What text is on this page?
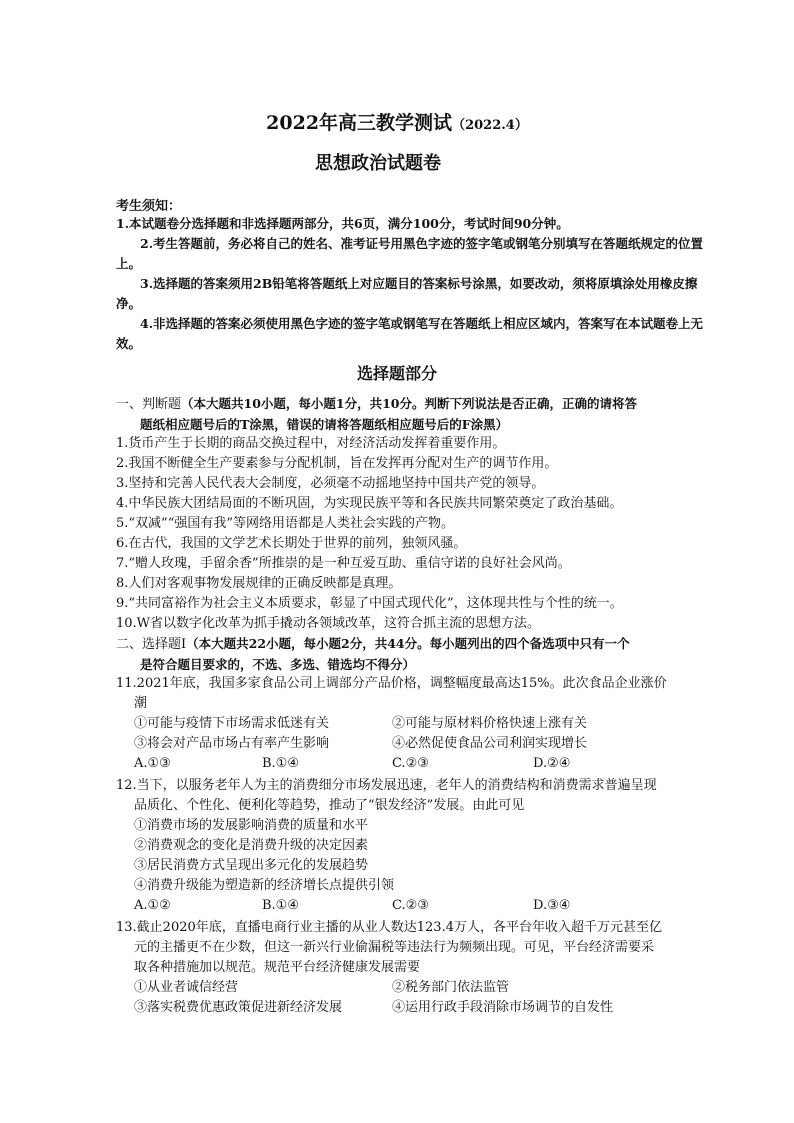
2022年高三教学测试（2022.4）
思想政治试题卷
考生须知：
1.本试题卷分选择题和非选择题两部分，共6页，满分100分，考试时间90分钟。
2.考生答题前，务必将自己的姓名、准考证号用黑色字迹的签字笔或钢笔分别填写在答题纸规定的位置上。
3.选择题的答案须用2B铅笔将答题纸上对应题目的答案标号涂黑，如要改动，须将原填涂处用橡皮擦净。
4.非选择题的答案必须使用黑色字迹的签字笔或钢笔写在答题纸上相应区域内，答案写在本试题卷上无效。
选择题部分
一、判断题（本大题共10小题，每小题1分，共10分。判断下列说法是否正确，正确的请将答
题纸相应题号后的T涂黑，错误的请将答题纸相应题号后的F涂黑）
1.货币产生于长期的商品交换过程中，对经济活动发挥着重要作用。
2.我国不断健全生产要素参与分配机制，旨在发挥再分配对生产的调节作用。
3.坚持和完善人民代表大会制度，必须毫不动摇地坚持中国共产党的领导。
4.中华民族大团结局面的不断巩固，为实现民族平等和各民族共同繁荣奠定了政治基础。
5.“双减”“强国有我”等网络用语都是人类社会实践的产物。
6.在古代，我国的文学艺术长期处于世界的前列，独领风骚。
7.“赠人玫瑰，手留余香”所推崇的是一种互爱互助、重信守诺的良好社会风尚。
8.人们对客观事物发展规律的正确反映都是真理。
9.“共同富裕作为社会主义本质要求，彰显了中国式现代化”，这体现共性与个性的统一。
10.W省以数字化改革为抓手撬动各领域改革，这符合抓主流的思想方法。
二、选择题Ⅰ（本大题共22小题，每小题2分，共44分。每小题列出的四个备选项中只有一个
是符合题目要求的，不选、多选、错选均不得分）
11.2021年底，我国多家食品公司上调部分产品价格，调整幅度最高达15%。此次食品企业涨价
潮
①可能与疫情下市场需求低迷有关	②可能与原材料价格快速上涨有关
③将会对产品市场占有率产生影响	④必然促使食品公司利润实现增长
A.①③	B.①④	C.②③	D.②④
12.当下，以服务老年人为主的消费细分市场发展迅速，老年人的消费结构和消费需求普遍呈现
品质化、个性化、便利化等趋势，推动了“银发经济”发展。由此可见
①消费市场的发展影响消费的质量和水平
②消费观念的变化是消费升级的决定因素
③居民消费方式呈现出多元化的发展趋势
④消费升级能为塑造新的经济增长点提供引领
A.①②	B.①④	C.②③	D.③④
13.截止2020年底，直播电商行业主播的从业人数达123.4万人，各平台年收入超千万元甚至亿
元的主播更不在少数，但这一新兴行业偷漏税等违法行为频频出现。可见，平台经济需要采
取各种措施加以规范。规范平台经济健康发展需要
①从业者诚信经营	②税务部门依法监管
③落实税费优惠政策促进新经济发展	④运用行政手段消除市场调节的自发性
